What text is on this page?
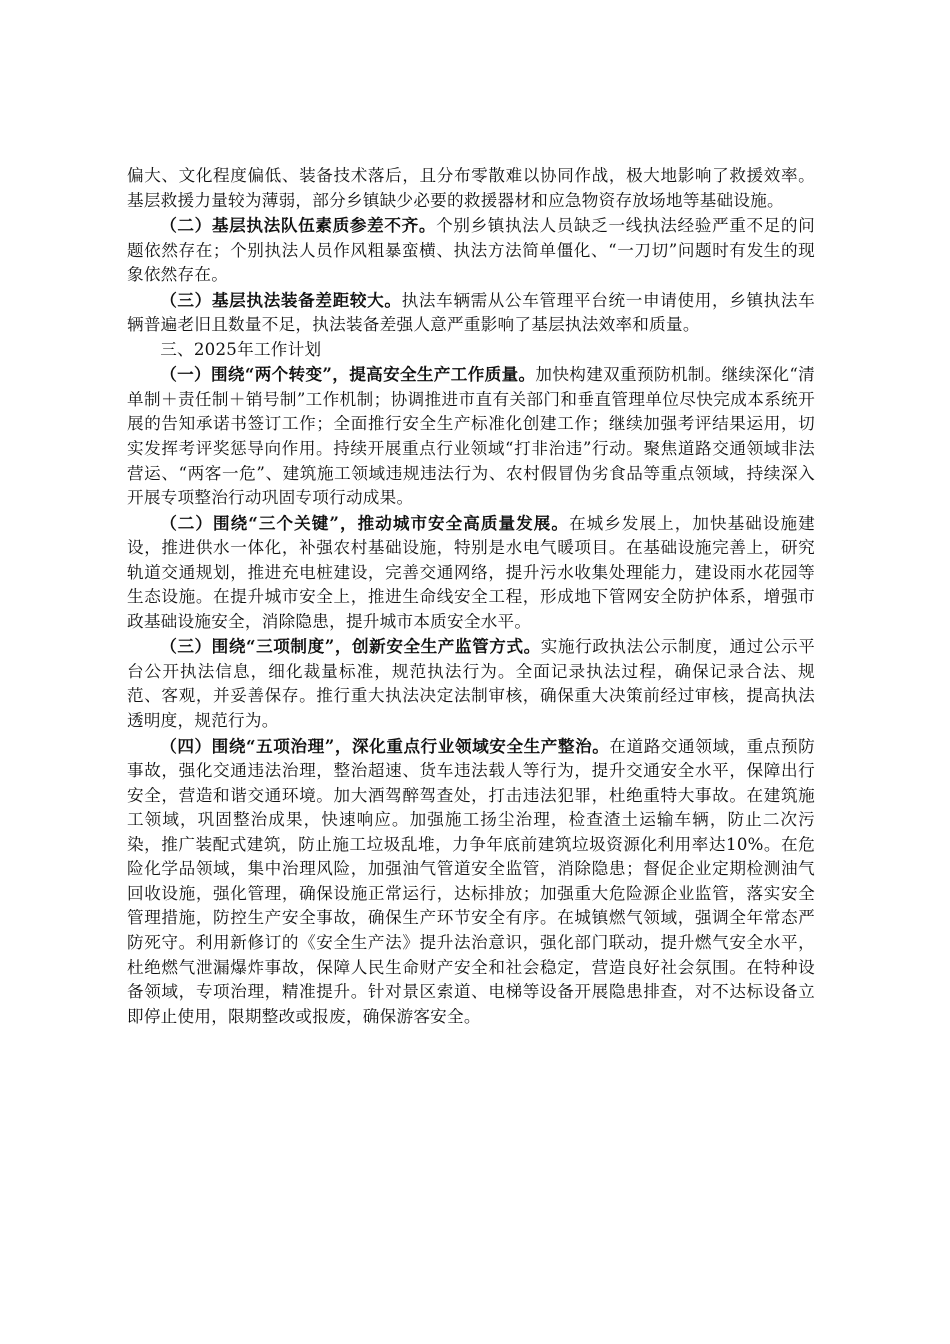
偏大、文化程度偏低、装备技术落后，且分布零散难以协同作战，极大地影响了救援效率。基层救援力量较为薄弱，部分乡镇缺少必要的救援器材和应急物资存放场地等基础设施。

（二）基层执法队伍素质参差不齐。个别乡镇执法人员缺乏一线执法经验严重不足的问题依然存在；个别执法人员作风粗暴蛮横、执法方法简单僵化、“一刀切”问题时有发生的现象依然存在。

（三）基层执法装备差距较大。执法车辆需从公车管理平台统一申请使用，乡镇执法车辆普遍老旧且数量不足，执法装备差强人意严重影响了基层执法效率和质量。

三、2025年工作计划

（一）围绕“两个转变”，提高安全生产工作质量。加快构建双重预防机制。继续深化“清单制＋责任制＋销号制”工作机制；协调推进市直有关部门和垂直管理单位尽快完成本系统开展的告知承诺书签订工作；全面推行安全生产标准化创建工作；继续加强考评结果运用，切实发挥考评奖惩导向作用。持续开展重点行业领域“打非治违”行动。聚焦道路交通领域非法营运、“两客一危”、建筑施工领域违规违法行为、农村假冒伪劣食品等重点领域，持续深入开展专项整治行动巩固专项行动成果。

（二）围绕“三个关键”，推动城市安全高质量发展。在城乡发展上，加快基础设施建设，推进供水一体化，补强农村基础设施，特别是水电气暖项目。在基础设施完善上，研究轨道交通规划，推进充电桩建设，完善交通网络，提升污水收集处理能力，建设雨水花园等生态设施。在提升城市安全上，推进生命线安全工程，形成地下管网安全防护体系，增强市政基础设施安全，消除隐患，提升城市本质安全水平。

（三）围绕“三项制度”，创新安全生产监管方式。实施行政执法公示制度，通过公示平台公开执法信息，细化裁量标准，规范执法行为。全面记录执法过程，确保记录合法、规范、客观，并妥善保存。推行重大执法决定法制审核，确保重大决策前经过审核，提高执法透明度，规范行为。

（四）围绕“五项治理”，深化重点行业领域安全生产整治。在道路交通领域，重点预防事故，强化交通违法治理，整治超速、货车违法载人等行为，提升交通安全水平，保障出行安全，营造和谐交通环境。加大酒驾醉驾查处，打击违法犯罪，杜绝重特大事故。在建筑施工领域，巩固整治成果，快速响应。加强施工扬尘治理，检查渣土运输车辆，防止二次污染，推广装配式建筑，防止施工垃圾乱堆，力争年底前建筑垃圾资源化利用率达10%。在危险化学品领域，集中治理风险，加强油气管道安全监管，消除隐患；督促企业定期检测油气回收设施，强化管理，确保设施正常运行，达标排放；加强重大危险源企业监管，落实安全管理措施，防控生产安全事故，确保生产环节安全有序。在城镇燃气领域，强调全年常态严防死守。利用新修订的《安全生产法》提升法治意识，强化部门联动，提升燃气安全水平，杜绝燃气泄漏爆炸事故，保障人民生命财产安全和社会稳定，营造良好社会氛围。在特种设备领域，专项治理，精准提升。针对景区索道、电梯等设备开展隐患排查，对不达标设备立即停止使用，限期整改或报废，确保游客安全。
